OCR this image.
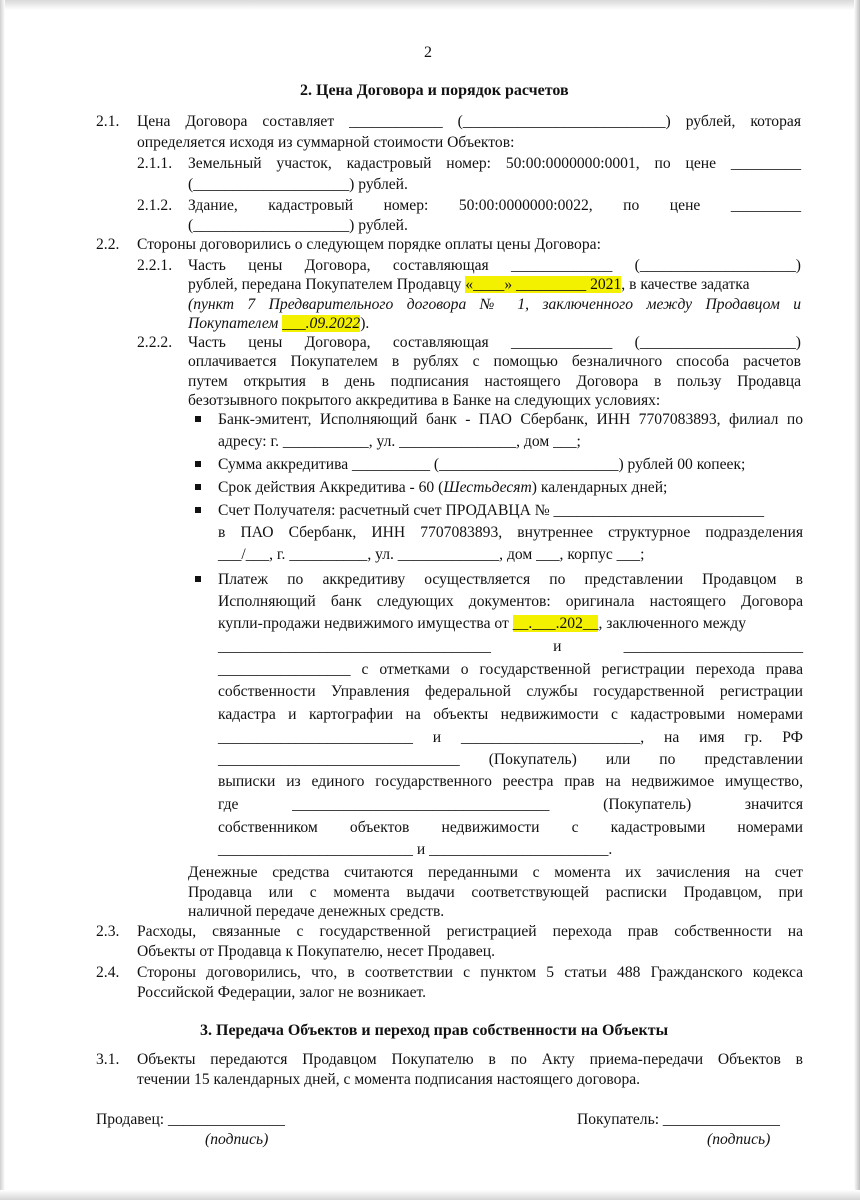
2
2. Цена Договора и порядок расчетов
2.1. Цена Договора составляет ____________ (__________________________) рублей, которая
определяется исходя из суммарной стоимости Объектов:
2.1.1. Земельный участок, кадастровый номер: 50:00:0000000:0001, по цене _________
(____________________) рублей.
2.1.2. Здание, кадастровый номер: 50:00:0000000:0022, по цене _________
(____________________) рублей.
2.2. Стороны договорились о следующем порядке оплаты цены Договора:
2.2.1. Часть цены Договора, составляющая _____________ (____________________)
рублей, передана Покупателем Продавцу «____» _________ 2021, в качестве задатка
(пункт 7 Предварительного договора № 1, заключенного между Продавцом и
Покупателем ___.09.2022).
2.2.2. Часть цены Договора, составляющая _____________ (____________________)
оплачивается Покупателем в рублях с помощью безналичного способа расчетов
путем открытия в день подписания настоящего Договора в пользу Продавца
безотзывного покрытого аккредитива в Банке на следующих условиях:
Банк-эмитент, Исполняющий банк - ПАО Сбербанк, ИНН 7707083893, филиал по
адресу: г. ___________, ул. _______________, дом ___;
Сумма аккредитива __________ (_______________________) рублей 00 копеек;
Срок действия Аккредитива - 60 (Шестьдесят) календарных дней;
Счет Получателя: расчетный счет ПРОДАВЦА № ___________________________
в ПАО Сбербанк, ИНН 7707083893, внутреннее структурное подразделения
___/___, г. __________, ул. _____________, дом ___, корпус ___;
Платеж по аккредитиву осуществляется по представлении Продавцом в
Исполняющий банк следующих документов: оригинала настоящего Договора
купли-продажи недвижимого имущества от __.___.202__, заключенного между
___________________________________ и _______________________
_________________ с отметками о государственной регистрации перехода права
собственности Управления федеральной службы государственной регистрации
кадастра и картографии на объекты недвижимости с кадастровыми номерами
_________________________ и _______________________, на имя гр. РФ
_______________________________ (Покупатель) или по представлении
выписки из единого государственного реестра прав на недвижимое имущество,
где _________________________________ (Покупатель) значится
собственником объектов недвижимости с кадастровыми номерами
_________________________ и _______________________.
Денежные средства считаются переданными с момента их зачисления на счет
Продавца или с момента выдачи соответствующей расписки Продавцом, при
наличной передаче денежных средств.
2.3. Расходы, связанные с государственной регистрацией перехода прав собственности на
Объекты от Продавца к Покупателю, несет Продавец.
2.4. Стороны договорились, что, в соответствии с пунктом 5 статьи 488 Гражданского кодекса
Российской Федерации, залог не возникает.
3. Передача Объектов и переход прав собственности на Объекты
3.1. Объекты передаются Продавцом Покупателю в по Акту приема-передачи Объектов в
течении 15 календарных дней, с момента подписания настоящего договора.
Продавец: _______________
(подпись)
Покупатель: _______________
(подпись)
